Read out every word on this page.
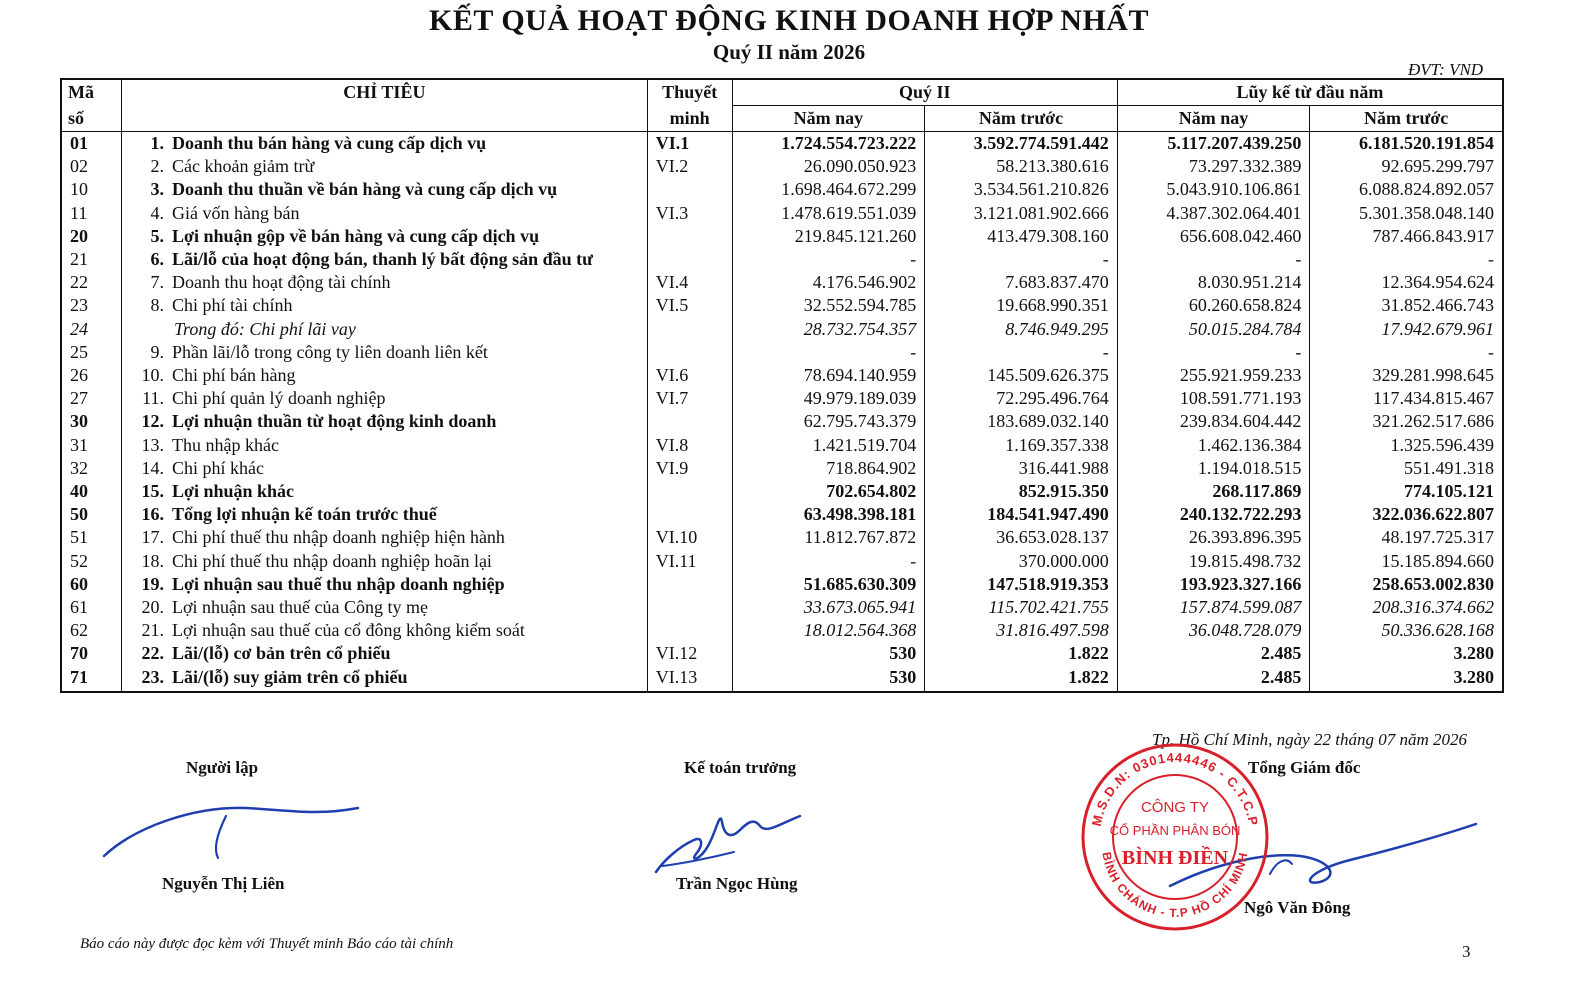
KẾT QUẢ HOẠT ĐỘNG KINH DOANH HỢP NHẤT
Quý II năm 2026
ĐVT: VND
Mã	CHỈ TIÊU	Thuyết	Quý II		Lũy kế từ đầu năm	
số		minh	Năm nay	Năm trước	Năm nay	Năm trước
01	1. Doanh thu bán hàng và cung cấp dịch vụ	VI.1	1.724.554.723.222	3.592.774.591.442	5.117.207.439.250	6.181.520.191.854
02	2. Các khoản giảm trừ	VI.2	26.090.050.923	58.213.380.616	73.297.332.389	92.695.299.797
10	3. Doanh thu thuần về bán hàng và cung cấp dịch vụ		1.698.464.672.299	3.534.561.210.826	5.043.910.106.861	6.088.824.892.057
11	4. Giá vốn hàng bán	VI.3	1.478.619.551.039	3.121.081.902.666	4.387.302.064.401	5.301.358.048.140
20	5. Lợi nhuận gộp về bán hàng và cung cấp dịch vụ		219.845.121.260	413.479.308.160	656.608.042.460	787.466.843.917
21	6. Lãi/lỗ của hoạt động bán, thanh lý bất động sản đầu tư		-	-	-	-
22	7. Doanh thu hoạt động tài chính	VI.4	4.176.546.902	7.683.837.470	8.030.951.214	12.364.954.624
23	8. Chi phí tài chính	VI.5	32.552.594.785	19.668.990.351	60.260.658.824	31.852.466.743
24	Trong đó: Chi phí lãi vay		28.732.754.357	8.746.949.295	50.015.284.784	17.942.679.961
25	9. Phần lãi/lỗ trong công ty liên doanh liên kết		-	-	-	-
26	10. Chi phí bán hàng	VI.6	78.694.140.959	145.509.626.375	255.921.959.233	329.281.998.645
27	11. Chi phí quản lý doanh nghiệp	VI.7	49.979.189.039	72.295.496.764	108.591.771.193	117.434.815.467
30	12. Lợi nhuận thuần từ hoạt động kinh doanh		62.795.743.379	183.689.032.140	239.834.604.442	321.262.517.686
31	13. Thu nhập khác	VI.8	1.421.519.704	1.169.357.338	1.462.136.384	1.325.596.439
32	14. Chi phí khác	VI.9	718.864.902	316.441.988	1.194.018.515	551.491.318
40	15. Lợi nhuận khác		702.654.802	852.915.350	268.117.869	774.105.121
50	16. Tổng lợi nhuận kế toán trước thuế		63.498.398.181	184.541.947.490	240.132.722.293	322.036.622.807
51	17. Chi phí thuế thu nhập doanh nghiệp hiện hành	VI.10	11.812.767.872	36.653.028.137	26.393.896.395	48.197.725.317
52	18. Chi phí thuế thu nhập doanh nghiệp hoãn lại	VI.11	-	370.000.000	19.815.498.732	15.185.894.660
60	19. Lợi nhuận sau thuế thu nhập doanh nghiệp		51.685.630.309	147.518.919.353	193.923.327.166	258.653.002.830
61	20. Lợi nhuận sau thuế của Công ty mẹ		33.673.065.941	115.702.421.755	157.874.599.087	208.316.374.662
62	21. Lợi nhuận sau thuế của cổ đông không kiểm soát		18.012.564.368	31.816.497.598	36.048.728.079	50.336.628.168
70	22. Lãi/(lỗ) cơ bản trên cổ phiếu	VI.12	530	1.822	2.485	3.280
71	23. Lãi/(lỗ) suy giảm trên cổ phiếu	VI.13	530	1.822	2.485	3.280
Tp. Hồ Chí Minh, ngày 22 tháng 07 năm 2026
Người lập	Kế toán trưởng	Tổng Giám đốc
M.S.D.N: 0301444446 - C.T.C.P
BÌNH CHÁNH - T.P HỒ CHÍ MINH
CÔNG TY
CỔ PHẦN PHÂN BÓN
BÌNH ĐIỀN
Nguyễn Thị Liên	Trần Ngọc Hùng
Ngô Văn Đông
Báo cáo này được đọc kèm với Thuyết minh Báo cáo tài chính	3
